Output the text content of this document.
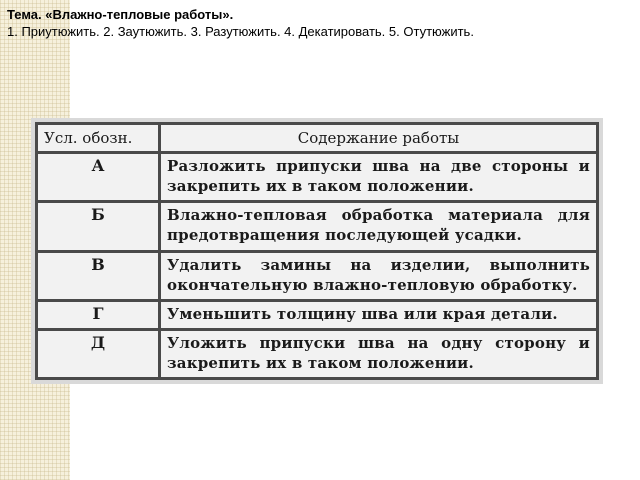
Тема. «Влажно-тепловые работы».
1. Приутюжить. 2. Заутюжить. 3. Разутюжить. 4. Декатировать. 5. Отутюжить.
Усл. обозн.	Содержание работы
А	Разложить припуски шва на две стороны и закрепить их в таком положении.
Б	Влажно-тепловая обработка материала для предотвращения последующей усадки.
В	Удалить замины на изделии, выполнить окончательную влажно-тепловую обработку.
Г	Уменьшить толщину шва или края детали.
Д	Уложить припуски шва на одну сторону и закрепить их в таком положении.
